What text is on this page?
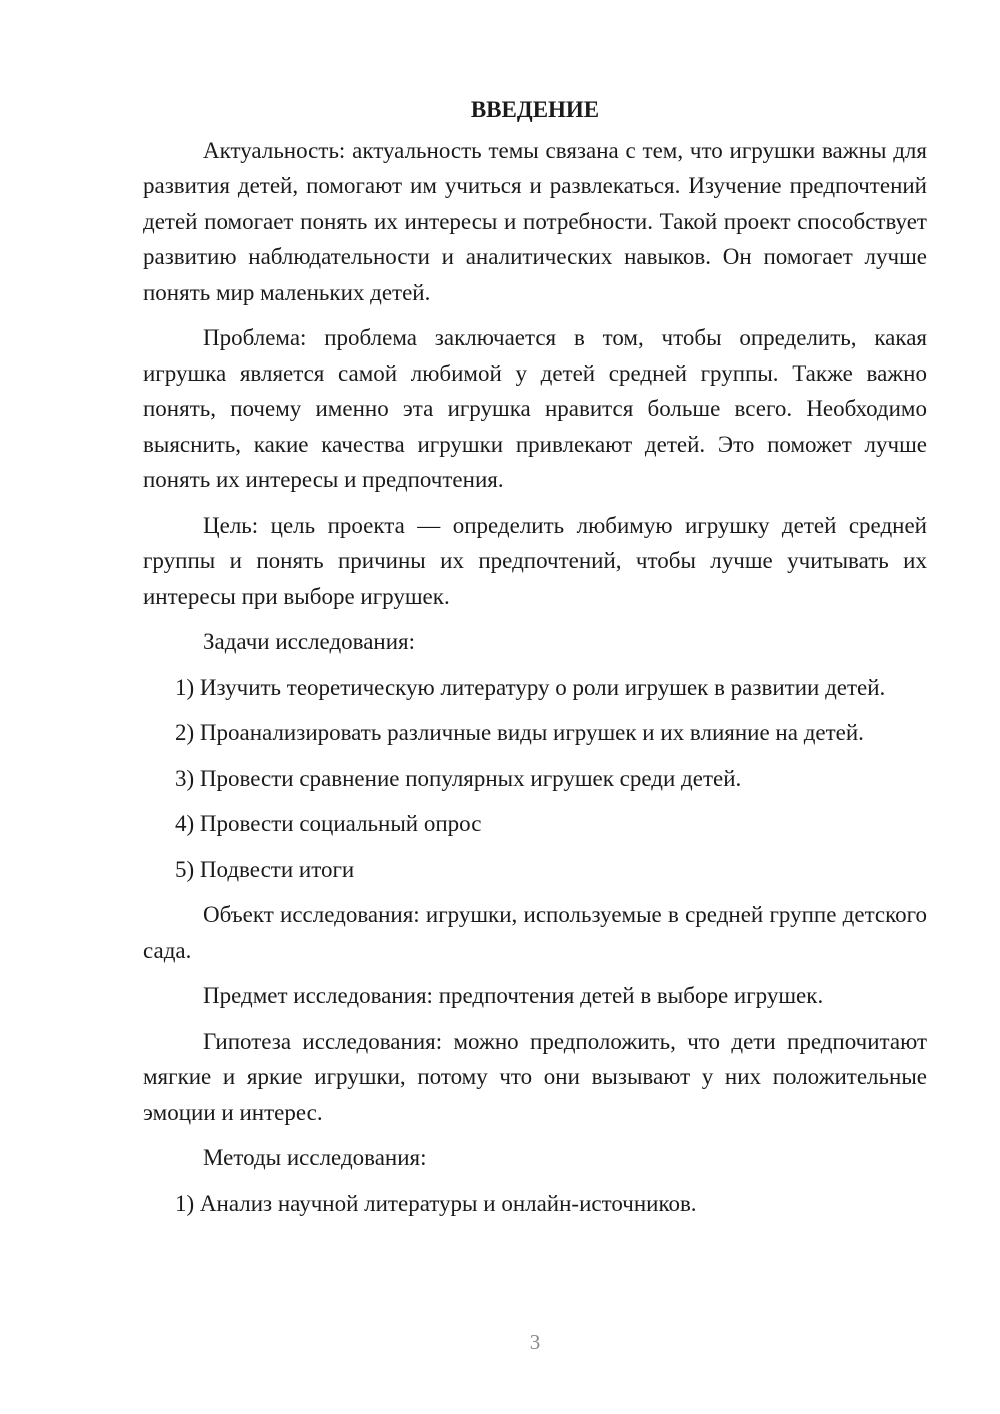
ВВЕДЕНИЕ

Актуальность: актуальность темы связана с тем, что игрушки важны для развития детей, помогают им учиться и развлекаться. Изучение предпочтений детей помогает понять их интересы и потребности. Такой проект способствует развитию наблюдательности и аналитических навыков. Он помогает лучше понять мир маленьких детей.

Проблема: проблема заключается в том, чтобы определить, какая игрушка является самой любимой у детей средней группы. Также важно понять, почему именно эта игрушка нравится больше всего. Необходимо выяснить, какие качества игрушки привлекают детей. Это поможет лучше понять их интересы и предпочтения.

Цель: цель проекта — определить любимую игрушку детей средней группы и понять причины их предпочтений, чтобы лучше учитывать их интересы при выборе игрушек.

Задачи исследования:

1) Изучить теоретическую литературу о роли игрушек в развитии детей.

2) Проанализировать различные виды игрушек и их влияние на детей.

3) Провести сравнение популярных игрушек среди детей.

4) Провести социальный опрос

5) Подвести итоги

Объект исследования: игрушки, используемые в средней группе детского сада.

Предмет исследования: предпочтения детей в выборе игрушек.

Гипотеза исследования: можно предположить, что дети предпочитают мягкие и яркие игрушки, потому что они вызывают у них положительные эмоции и интерес.

Методы исследования:

1) Анализ научной литературы и онлайн-источников.

3
